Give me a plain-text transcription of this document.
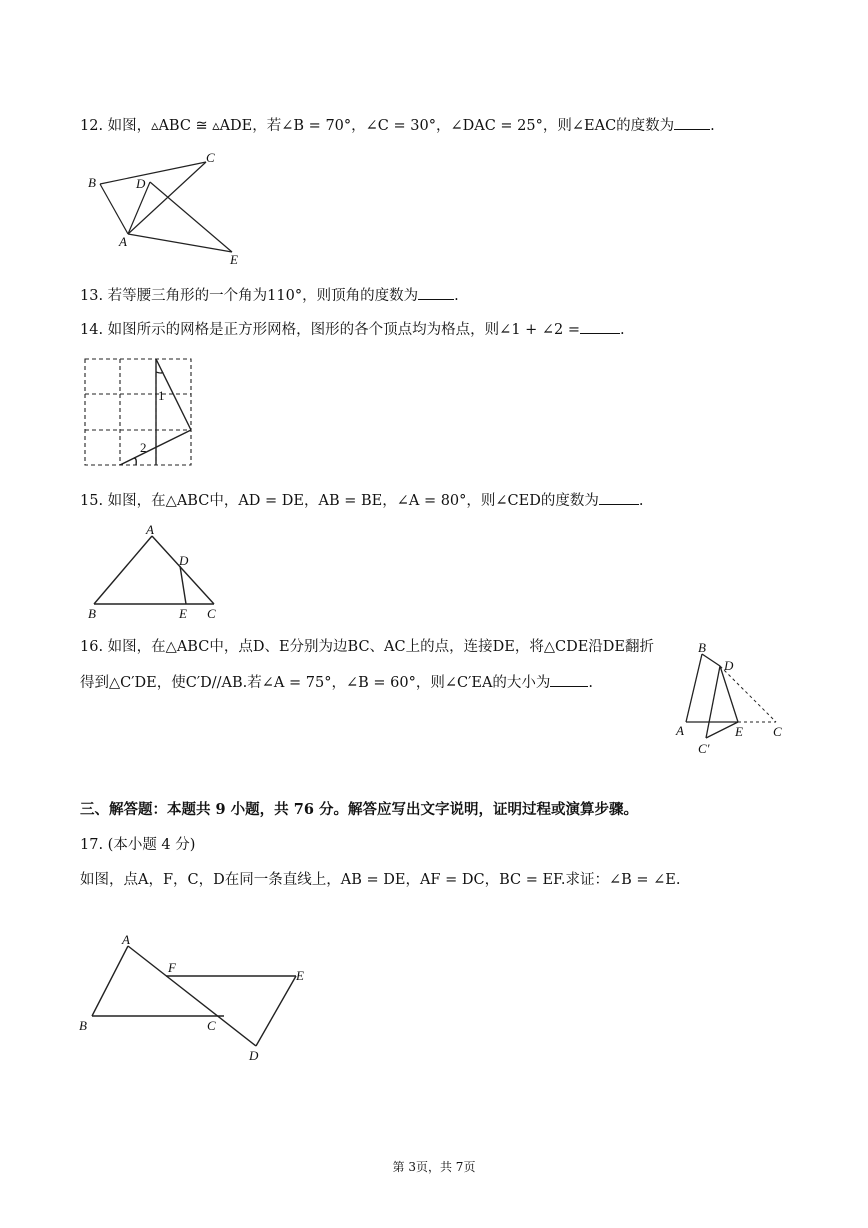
12. 如图，▵ABC ≅ ▵ADE，若∠B = 70°，∠C = 30°，∠DAC = 25°，则∠EAC的度数为 .
B
C
D
A
E
13. 若等腰三角形的一个角为110°，则顶角的度数为 .
14. 如图所示的网格是正方形网格，图形的各个顶点均为格点，则∠1 + ∠2 =	.
1
2
15. 如图，在△ABC中，AD = DE，AB = BE，∠A = 80°，则∠CED的度数为	.
A
B	C
D
E
16. 如图，在△ABC中，点D、E分别为边BC、AC上的点，连接DE，将△CDE沿DE翻折
得到△C′DE，使C′D//AB.若∠A = 75°，∠B = 60°，则∠C′EA的大小为	.
B
D
A	E C
C′
三、解答题：本题共 9 小题，共 76 分。解答应写出文字说明，证明过程或演算步骤。
17. (本小题 4 分)
如图，点A，F，C，D在同一条直线上，AB = DE，AF = DC，BC = EF.求证：∠B = ∠E.
A
F
E
B	C
D
第 3页，共 7页
